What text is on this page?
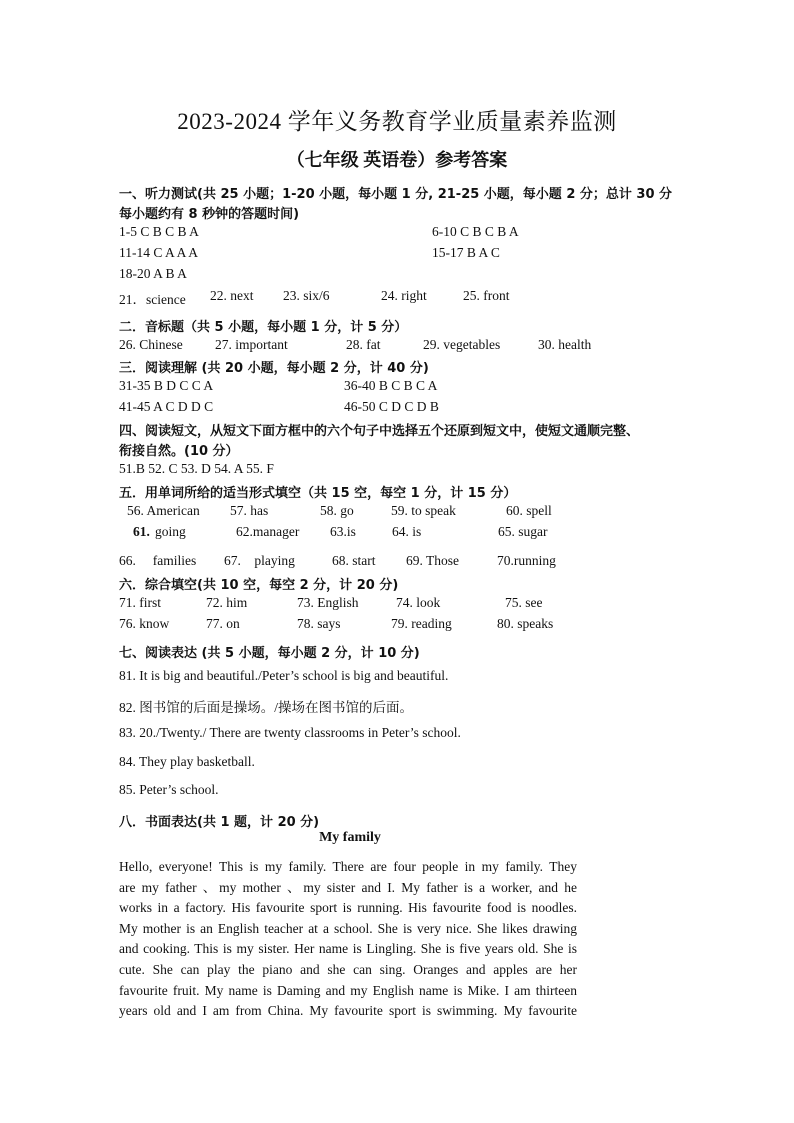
2023-2024 学年义务教育学业质量素养监测
（七年级 英语卷）参考答案
一、听力测试(共 25 小题；1-20 小题，每小题 1 分, 21-25 小题，每小题 2 分；总计 30 分
每小题约有 8 秒钟的答题时间)
1-5 C B C B A	6-10 C B C B A
11-14 C A A A	15-17 B A C
18-20 A B A
21．science 22. next 23. six/6	24. right	25. front
二．音标题（共 5 小题，每小题 1 分，计 5 分）
26. Chinese 27. important	28. fat	29. vegetables	30. health
三．阅读理解 (共 20 小题，每小题 2 分，计 40 分)
31-35 B D C C A	36-40 B C B C A
41-45 A C D D C	46-50 C D C D B
四、阅读短文，从短文下面方框中的六个句子中选择五个还原到短文中，使短文通顺完整、
衔接自然。(10 分）
51.B 52. C 53. D 54. A 55. F
五．用单词所给的适当形式填空（共 15 空，每空 1 分，计 15 分）
56. American 57. has	58. go	59. to speak	60. spell
61. going	62.manager 63.is	64. is	65. sugar
66.     families 67.    playing	68. start 69. Those	70.running
六．综合填空(共 10 空，每空 2 分，计 20 分)
71. first	72. him	73. English	74. look	75. see
76. know	77. on	78. says	79. reading	80. speaks
七、阅读表达 (共 5 小题，每小题 2 分，计 10 分)
81. It is big and beautiful./Peter’s school is big and beautiful.
82. 图书馆的后面是操场。/操场在图书馆的后面。
83. 20./Twenty./ There are twenty classrooms in Peter’s school.
84. They play basketball.
85. Peter’s school.
八．书面表达(共 1 题，计 20 分)
My family
Hello, everyone! This is my family. There are four people in my family. They
are my father 、my mother 、my sister and I. My father is a worker, and he
works in a factory. His favourite sport is running. His favourite food is noodles.
My mother is an English teacher at a school. She is very nice. She likes drawing
and cooking. This is my sister. Her name is Lingling. She is five years old. She is
cute. She can play the piano and she can sing. Oranges and apples are her
favourite fruit. My name is Daming and my English name is Mike. I am thirteen
years old and I am from China. My favourite sport is swimming. My favourite
